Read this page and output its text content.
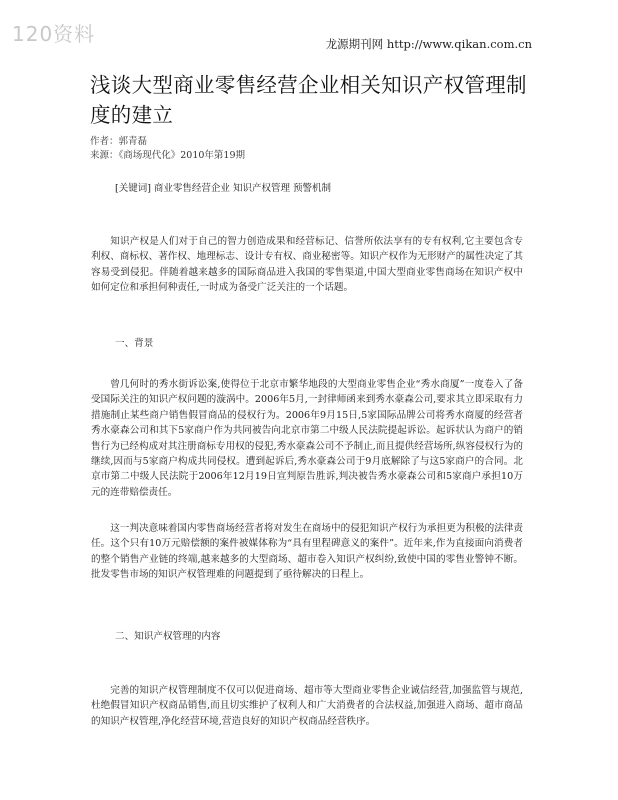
120资料	龙源期刊网 http://www.qikan.com.cn
浅谈大型商业零售经营企业相关知识产权管理制度的建立
作者：郭青磊
来源：《商场现代化》2010年第19期
[关键词] 商业零售经营企业 知识产权管理 预警机制

知识产权是人们对于自己的智力创造成果和经营标记、信誉所依法享有的专有权利,它主要包含专利权、商标权、著作权、地理标志、设计专有权、商业秘密等。知识产权作为无形财产的属性决定了其容易受到侵犯。伴随着越来越多的国际商品进入我国的零售渠道,中国大型商业零售商场在知识产权中如何定位和承担何种责任,一时成为备受广泛关注的一个话题。

一、背景

曾几何时的秀水街诉讼案,使得位于北京市繁华地段的大型商业零售企业“秀水商厦”一度卷入了备受国际关注的知识产权问题的漩涡中。2006年5月,一封律师函来到秀水豪森公司,要求其立即采取有力措施制止某些商户销售假冒商品的侵权行为。2006年9月15日,5家国际品牌公司将秀水商厦的经营者秀水豪森公司和其下5家商户作为共同被告向北京市第二中级人民法院提起诉讼。起诉状认为商户的销售行为已经构成对其注册商标专用权的侵犯,秀水豪森公司不予制止,而且提供经营场所,纵容侵权行为的继续,因而与5家商户构成共同侵权。遭到起诉后,秀水豪森公司于9月底解除了与这5家商户的合同。北京市第二中级人民法院于2006年12月19日宣判原告胜诉,判决被告秀水豪森公司和5家商户承担10万元的连带赔偿责任。

这一判决意味着国内零售商场经营者将对发生在商场中的侵犯知识产权行为承担更为积极的法律责任。这个只有10万元赔偿额的案件被媒体称为“具有里程碑意义的案件”。近年来,作为直接面向消费者的整个销售产业链的终端,越来越多的大型商场、超市卷入知识产权纠纷,致使中国的零售业警钟不断。批发零售市场的知识产权管理难的问题提到了亟待解决的日程上。

二、知识产权管理的内容

完善的知识产权管理制度不仅可以促进商场、超市等大型商业零售企业诚信经营,加强监管与规范,杜绝假冒知识产权商品销售,而且切实维护了权利人和广大消费者的合法权益,加强进入商场、超市商品的知识产权管理,净化经营环境,营造良好的知识产权商品经营秩序。
